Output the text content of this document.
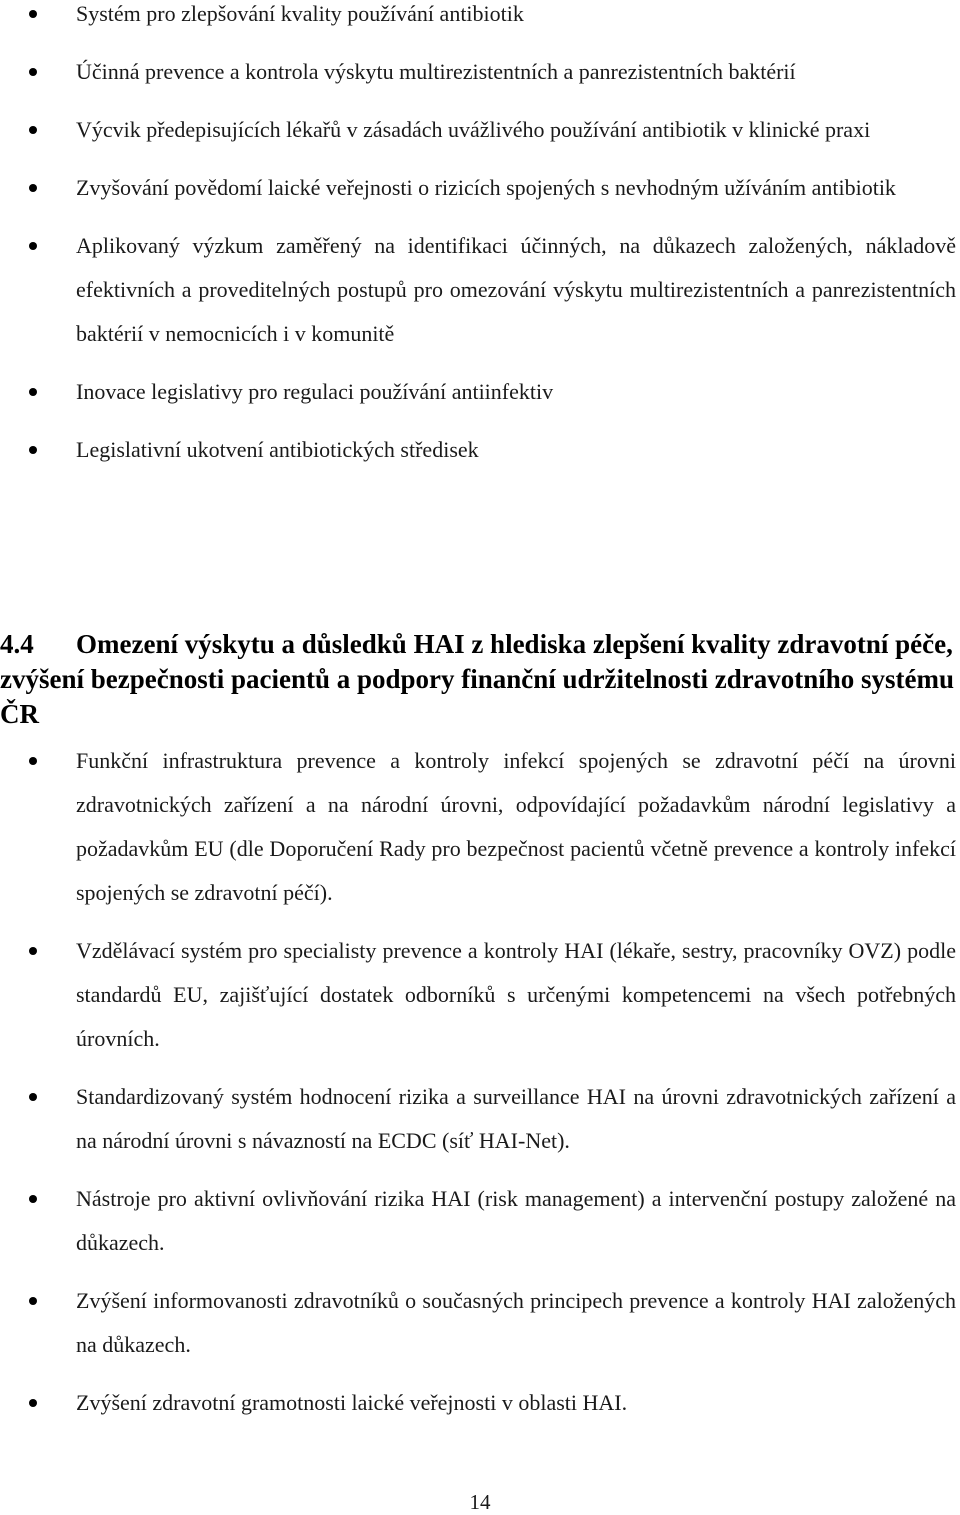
Systém pro zlepšování kvality používání antibiotik
Účinná prevence a kontrola výskytu multirezistentních a panrezistentních baktérií
Výcvik předepisujících lékařů v zásadách uvážlivého používání antibiotik v klinické praxi
Zvyšování povědomí laické veřejnosti o rizicích spojených s nevhodným užíváním antibiotik
Aplikovaný výzkum zaměřený na identifikaci účinných, na důkazech založených, nákladově efektivních a proveditelných postupů pro omezování výskytu multirezistentních a panrezistentních baktérií v nemocnicích i v komunitě
Inovace legislativy pro regulaci používání antiinfektiv
Legislativní ukotvení antibiotických středisek
4.4 Omezení výskytu a důsledků HAI z hlediska zlepšení kvality zdravotní péče, zvýšení bezpečnosti pacientů a podpory finanční udržitelnosti zdravotního systému ČR
Funkční infrastruktura prevence a kontroly infekcí spojených se zdravotní péčí na úrovni zdravotnických zařízení a na národní úrovni, odpovídající požadavkům národní legislativy a požadavkům EU (dle Doporučení Rady pro bezpečnost pacientů včetně prevence a kontroly infekcí spojených se zdravotní péčí).
Vzdělávací systém pro specialisty prevence a kontroly HAI (lékaře, sestry, pracovníky OVZ) podle standardů EU, zajišťující dostatek odborníků s určenými kompetencemi na všech potřebných úrovních.
Standardizovaný systém hodnocení rizika a surveillance HAI na úrovni zdravotnických zařízení a na národní úrovni s návazností na ECDC (síť HAI-Net).
Nástroje pro aktivní ovlivňování rizika HAI (risk management) a intervenční postupy založené na důkazech.
Zvýšení informovanosti zdravotníků o současných principech prevence a kontroly HAI založených na důkazech.
Zvýšení zdravotní gramotnosti laické veřejnosti v oblasti HAI.
14
